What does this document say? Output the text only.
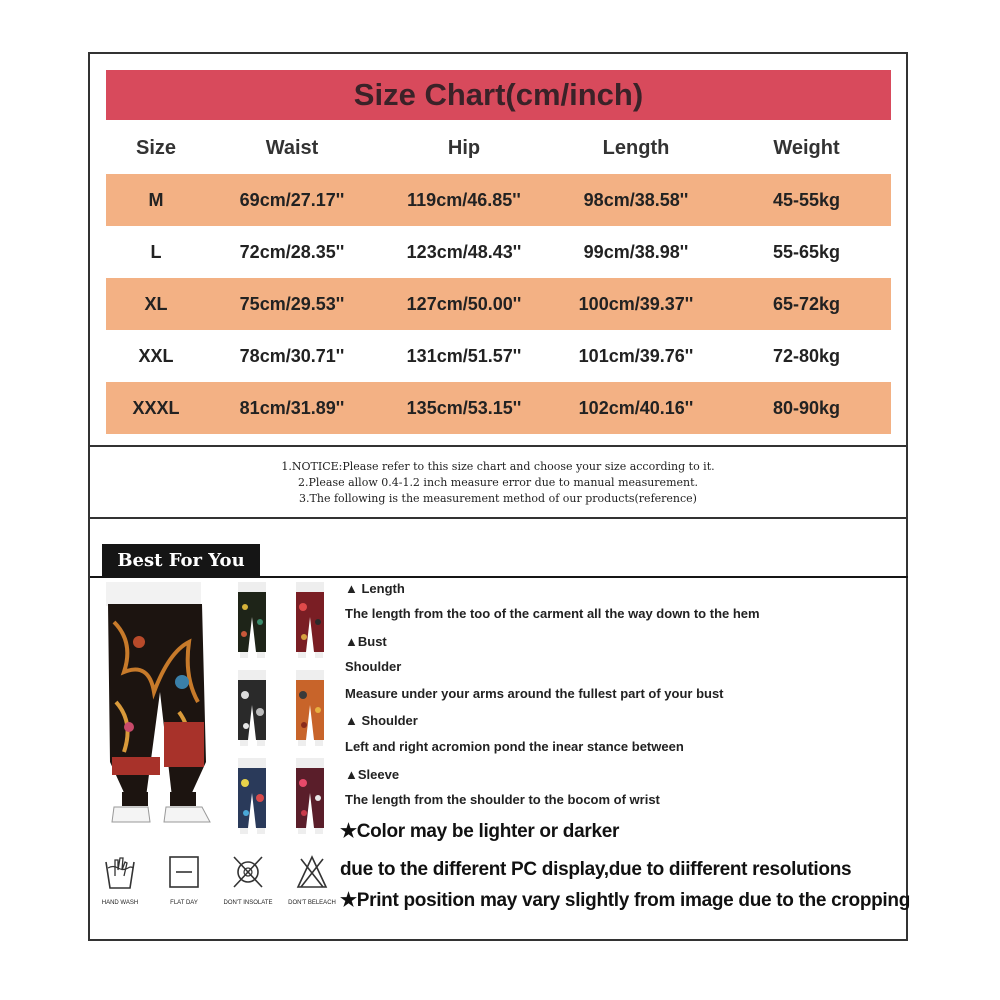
Size Chart(cm/inch)
Size	Waist	Hip	Length	Weight
M	69cm/27.17''	119cm/46.85''	98cm/38.58''	45-55kg
L	72cm/28.35''	123cm/48.43''	99cm/38.98''	55-65kg
XL	75cm/29.53''	127cm/50.00''	100cm/39.37''	65-72kg
XXL	78cm/30.71''	131cm/51.57''	101cm/39.76''	72-80kg
XXXL	81cm/31.89''	135cm/53.15''	102cm/40.16''	80-90kg
1.NOTICE:Please refer to this size chart and choose your size according to it.
2.Please allow 0.4-1.2 inch measure error due to manual measurement.
3.The following is the measurement method of our products(reference)
Best For You
HAND WASH	FLAT DAY	DON'T INSOLATE	DON'T BELEACH
▲ Length
The length from the too of the carment all the way down to the hem
▲Bust
Shoulder
Measure under your arms around the fullest part of your bust
▲ Shoulder
Left and right acromion pond the inear stance between
▲Sleeve
The length from the shoulder to the bocom of wrist
★Color may be lighter or darker
due to the different PC display,due to diifferent resolutions
★Print position may vary slightly from image due to the cropping
